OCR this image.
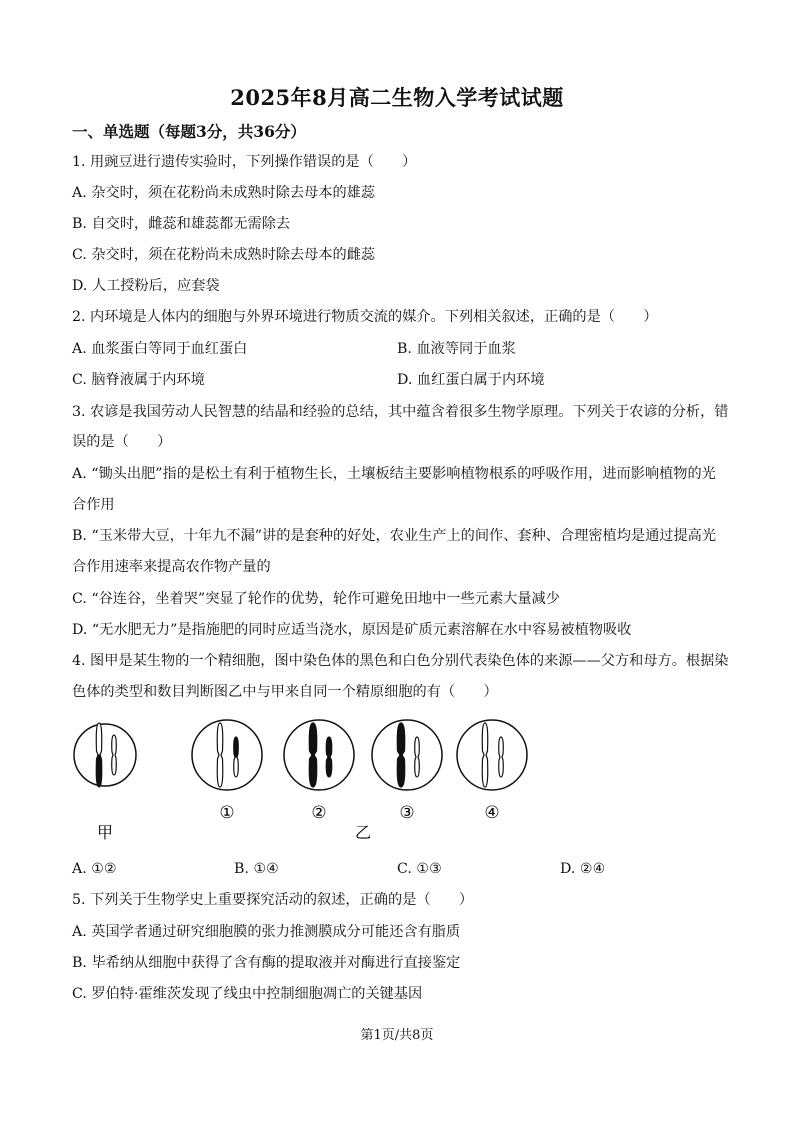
2025年8月高二生物入学考试试题
一、单选题（每题3分，共36分）
1. 用豌豆进行遗传实验时，下列操作错误的是（　　）
A. 杂交时，须在花粉尚未成熟时除去母本的雄蕊
B. 自交时，雌蕊和雄蕊都无需除去
C. 杂交时，须在花粉尚未成熟时除去母本的雌蕊
D. 人工授粉后，应套袋
2. 内环境是人体内的细胞与外界环境进行物质交流的媒介。下列相关叙述，正确的是（　　）
A. 血浆蛋白等同于血红蛋白	B. 血液等同于血浆
C. 脑脊液属于内环境	D. 血红蛋白属于内环境
3. 农谚是我国劳动人民智慧的结晶和经验的总结，其中蕴含着很多生物学原理。下列关于农谚的分析，错
误的是（　　）
A. “锄头出肥”指的是松土有利于植物生长，土壤板结主要影响植物根系的呼吸作用，进而影响植物的光
合作用
B. “玉米带大豆，十年九不漏”讲的是套种的好处，农业生产上的间作、套种、合理密植均是通过提高光
合作用速率来提高农作物产量的
C. “谷连谷，坐着哭”突显了轮作的优势，轮作可避免田地中一些元素大量减少
D. “无水肥无力”是指施肥的同时应适当浇水，原因是矿质元素溶解在水中容易被植物吸收
4. 图甲是某生物的一个精细胞，图中染色体的黑色和白色分别代表染色体的来源——父方和母方。根据染
色体的类型和数目判断图乙中与甲来自同一个精原细胞的有（　　）
①	②	③	④
甲	乙
A. ①②	B. ①④	C. ①③	D. ②④
5. 下列关于生物学史上重要探究活动的叙述，正确的是（　　）
A. 英国学者通过研究细胞膜的张力推测膜成分可能还含有脂质
B. 毕希纳从细胞中获得了含有酶的提取液并对酶进行直接鉴定
C. 罗伯特·霍维茨发现了线虫中控制细胞凋亡的关键基因
第1页/共8页
